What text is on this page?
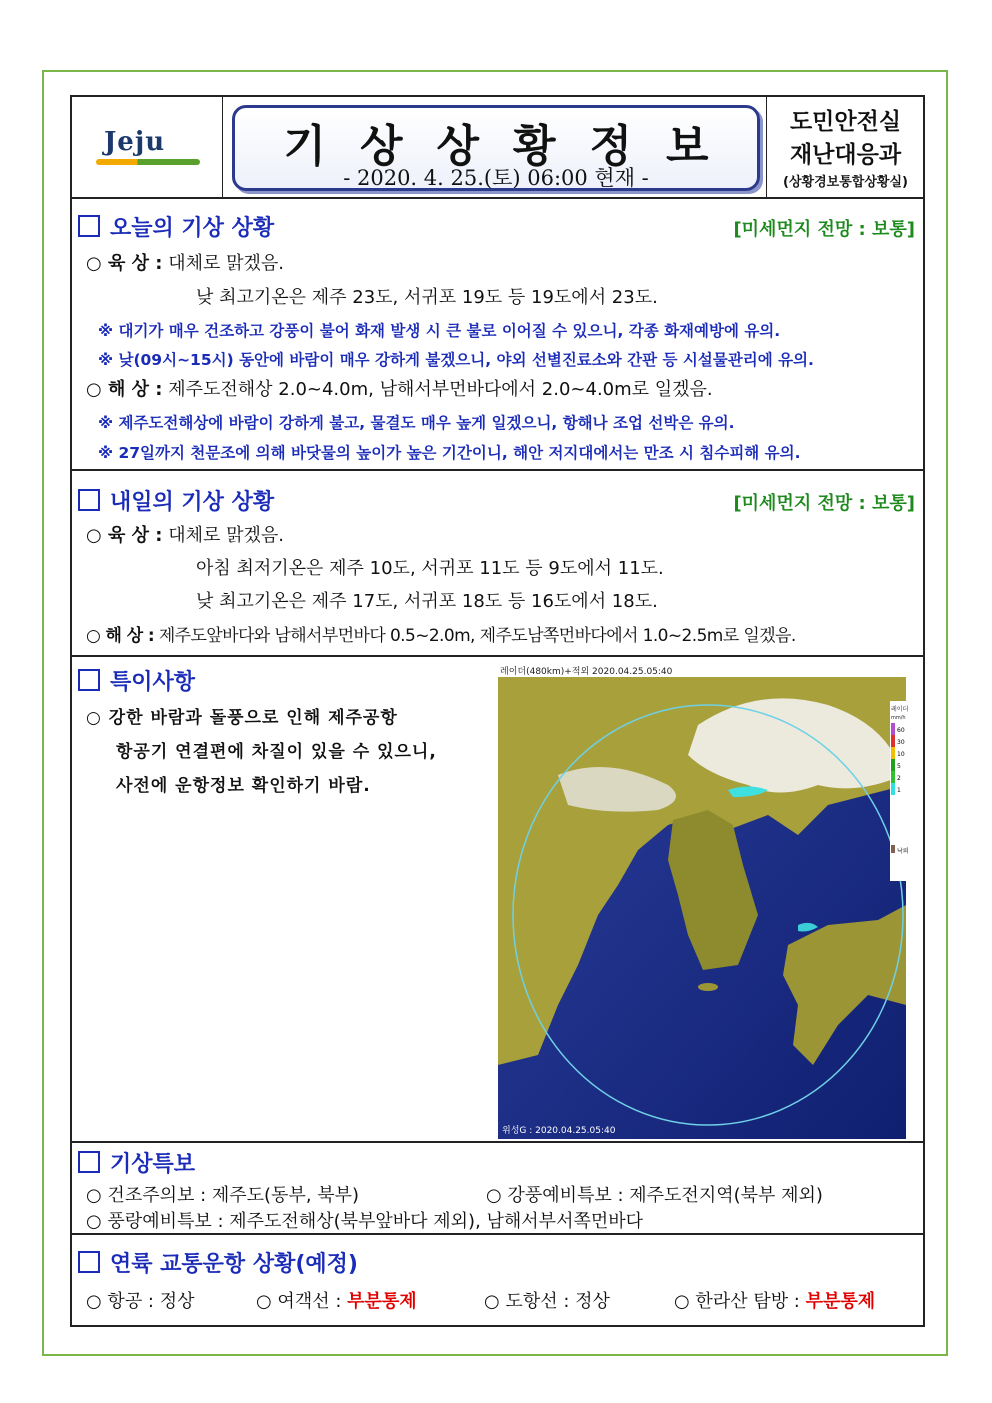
Jeju	기상상황정보
- 2020. 4. 25.(토) 06:00 현재 -
도민안전실
재난대응과
(상황경보통합상황실)
오늘의 기상 상황	[미세먼지 전망 : 보통]
○ 육 상 : 대체로 맑겠음.
낮 최고기온은 제주 23도, 서귀포 19도 등 19도에서 23도.
※ 대기가 매우 건조하고 강풍이 불어 화재 발생 시 큰 불로 이어질 수 있으니, 각종 화재예방에 유의.
※ 낮(09시~15시) 동안에 바람이 매우 강하게 불겠으니, 야외 선별진료소와 간판 등 시설물관리에 유의.
○ 해 상 : 제주도전해상 2.0~4.0m, 남해서부먼바다에서 2.0~4.0m로 일겠음.
※ 제주도전해상에 바람이 강하게 불고, 물결도 매우 높게 일겠으니, 항해나 조업 선박은 유의.
※ 27일까지 천문조에 의해 바닷물의 높이가 높은 기간이니, 해안 저지대에서는 만조 시 침수피해 유의.
내일의 기상 상황	[미세먼지 전망 : 보통]
○ 육 상 : 대체로 맑겠음.
아침 최저기온은 제주 10도, 서귀포 11도 등 9도에서 11도.
낮 최고기온은 제주 17도, 서귀포 18도 등 16도에서 18도.
○ 해 상 : 제주도앞바다와 남해서부먼바다 0.5~2.0m, 제주도남쪽먼바다에서 1.0~2.5m로 일겠음.
특이사항
○ 강한 바람과 돌풍으로 인해 제주공항
항공기 연결편에 차질이 있을 수 있으니,
사전에 운항정보 확인하기 바람.
레이더(480km)+적외 2020.04.25.05:40
위성G : 2020.04.25.05:40
레이더
mm/h
60
30
10
5
2
1
낙뢰
기상특보
○ 건조주의보 : 제주도(동부, 북부)	○ 강풍예비특보 : 제주도전지역(북부 제외)
○ 풍랑예비특보 : 제주도전해상(북부앞바다 제외), 남해서부서쪽먼바다
연륙 교통운항 상황(예정)
○ 항공 : 정상	○ 여객선 : 부분통제	○ 도항선 : 정상	○ 한라산 탐방 : 부분통제
